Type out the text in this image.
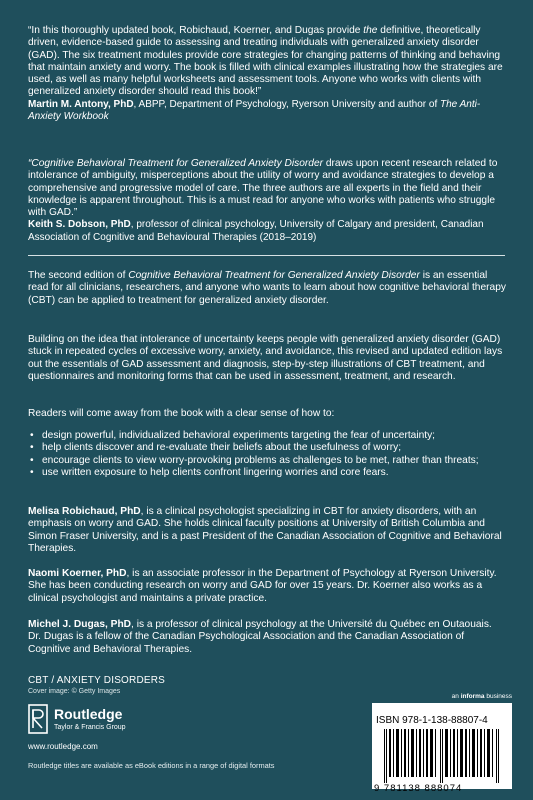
“In this thoroughly updated book, Robichaud, Koerner, and Dugas provide the definitive, theoretically driven, evidence-based guide to assessing and treating individuals with generalized anxiety disorder (GAD). The six treatment modules provide core strategies for changing patterns of thinking and behaving that maintain anxiety and worry. The book is filled with clinical examples illustrating how the strategies are used, as well as many helpful worksheets and assessment tools. Anyone who works with clients with generalized anxiety disorder should read this book!”

Martin M. Antony, PhD, ABPP, Department of Psychology, Ryerson University and author of The Anti-Anxiety Workbook

“Cognitive Behavioral Treatment for Generalized Anxiety Disorder draws upon recent research related to intolerance of ambiguity, misperceptions about the utility of worry and avoidance strategies to develop a comprehensive and progressive model of care. The three authors are all experts in the field and their knowledge is apparent throughout. This is a must read for anyone who works with patients who struggle with GAD.”

Keith S. Dobson, PhD, professor of clinical psychology, University of Calgary and president, Canadian Association of Cognitive and Behavioural Therapies (2018–2019)

The second edition of Cognitive Behavioral Treatment for Generalized Anxiety Disorder is an essential read for all clinicians, researchers, and anyone who wants to learn about how cognitive behavioral therapy (CBT) can be applied to treatment for generalized anxiety disorder.

Building on the idea that intolerance of uncertainty keeps people with generalized anxiety disorder (GAD) stuck in repeated cycles of excessive worry, anxiety, and avoidance, this revised and updated edition lays out the essentials of GAD assessment and diagnosis, step-by-step illustrations of CBT treatment, and questionnaires and monitoring forms that can be used in assessment, treatment, and research.

Readers will come away from the book with a clear sense of how to:

• design powerful, individualized behavioral experiments targeting the fear of uncertainty;
• help clients discover and re-evaluate their beliefs about the usefulness of worry;
• encourage clients to view worry-provoking problems as challenges to be met, rather than threats;
• use written exposure to help clients confront lingering worries and core fears.

Melisa Robichaud, PhD, is a clinical psychologist specializing in CBT for anxiety disorders, with an emphasis on worry and GAD. She holds clinical faculty positions at University of British Columbia and Simon Fraser University, and is a past President of the Canadian Association of Cognitive and Behavioral Therapies.

Naomi Koerner, PhD, is an associate professor in the Department of Psychology at Ryerson University. She has been conducting research on worry and GAD for over 15 years. Dr. Koerner also works as a clinical psychologist and maintains a private practice.

Michel J. Dugas, PhD, is a professor of clinical psychology at the Université du Québec en Outaouais. Dr. Dugas is a fellow of the Canadian Psychological Association and the Canadian Association of Cognitive and Behavioral Therapies.

CBT / ANXIETY DISORDERS
Cover image: © Getty Images
Routledge
Taylor & Francis Group
www.routledge.com
Routledge titles are available as eBook editions in a range of digital formats
an informa business
ISBN 978-1-138-88807-4
9 781138 888074
